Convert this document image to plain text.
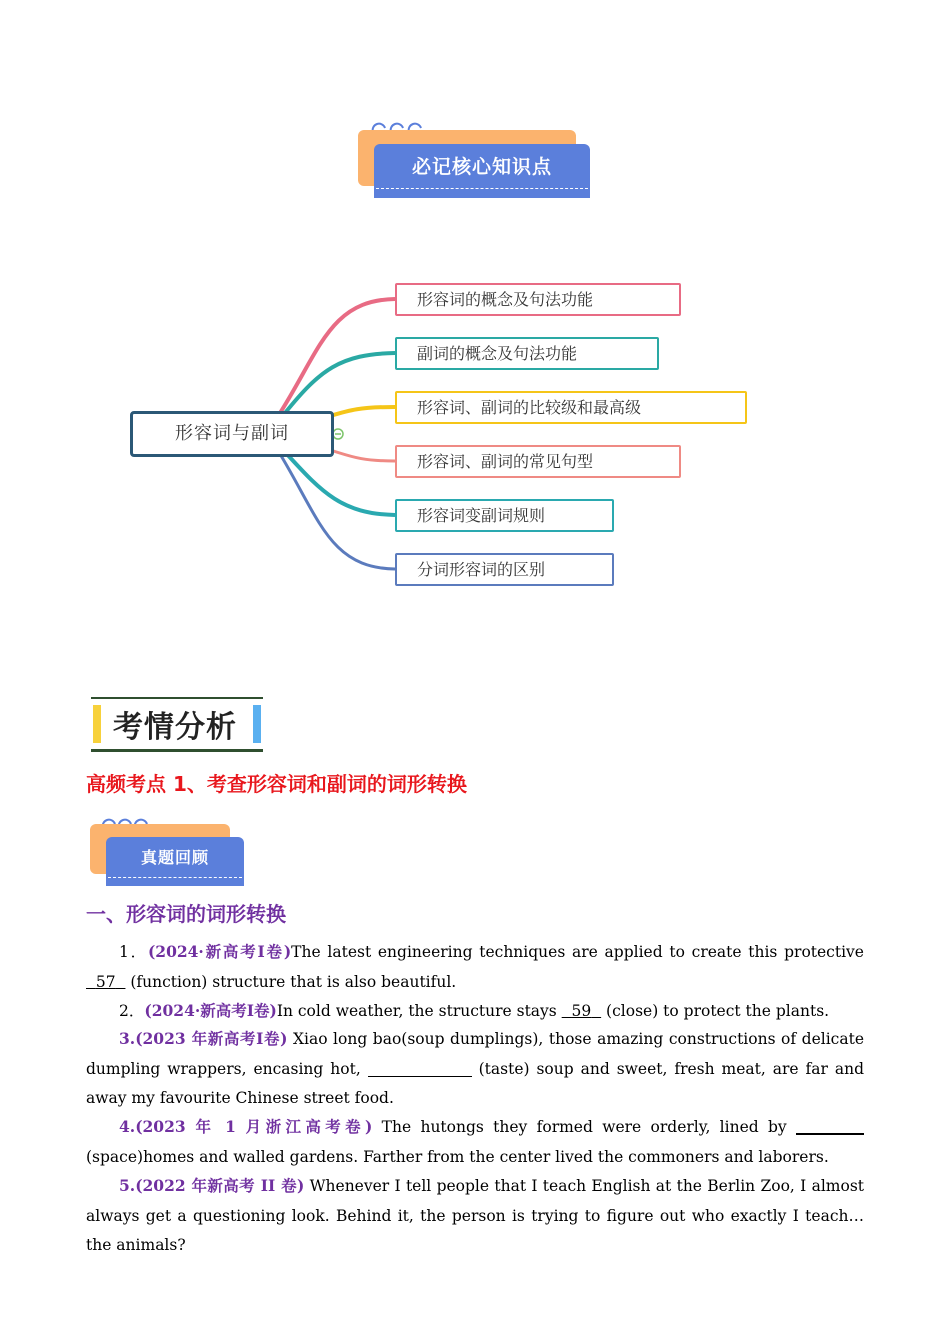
必记核心知识点
形容词与副词
形容词的概念及句法功能
副词的概念及句法功能
形容词、副词的比较级和最高级
形容词、副词的常见句型
形容词变副词规则
分词形容词的区别
考情分析
高频考点 1、考查形容词和副词的词形转换
真题回顾
一、形容词的词形转换
1．(2024·新高考Ⅰ卷)The latest engineering techniques are applied to create this protective   57   (function) structure that is also beautiful.
2．(2024·新高考Ⅰ卷)In cold weather, the structure stays   59   (close) to protect the plants.
3.(2023 年新高考Ⅰ卷) Xiao long bao(soup dumplings), those amazing constructions of delicate dumpling wrappers, encasing hot,	(taste) soup and sweet, fresh meat, are far and away my favourite Chinese street food.
4.(2023 年 1 月浙江高考卷) The hutongs they formed were orderly, lined by  (space)homes and walled gardens. Farther from the center lived the commoners and laborers.
5.(2022 年新高考 II 卷) Whenever I tell people that I teach English at the Berlin Zoo, I almost always get a questioning look. Behind it, the person is trying to figure out who exactly I teach…the animals?
